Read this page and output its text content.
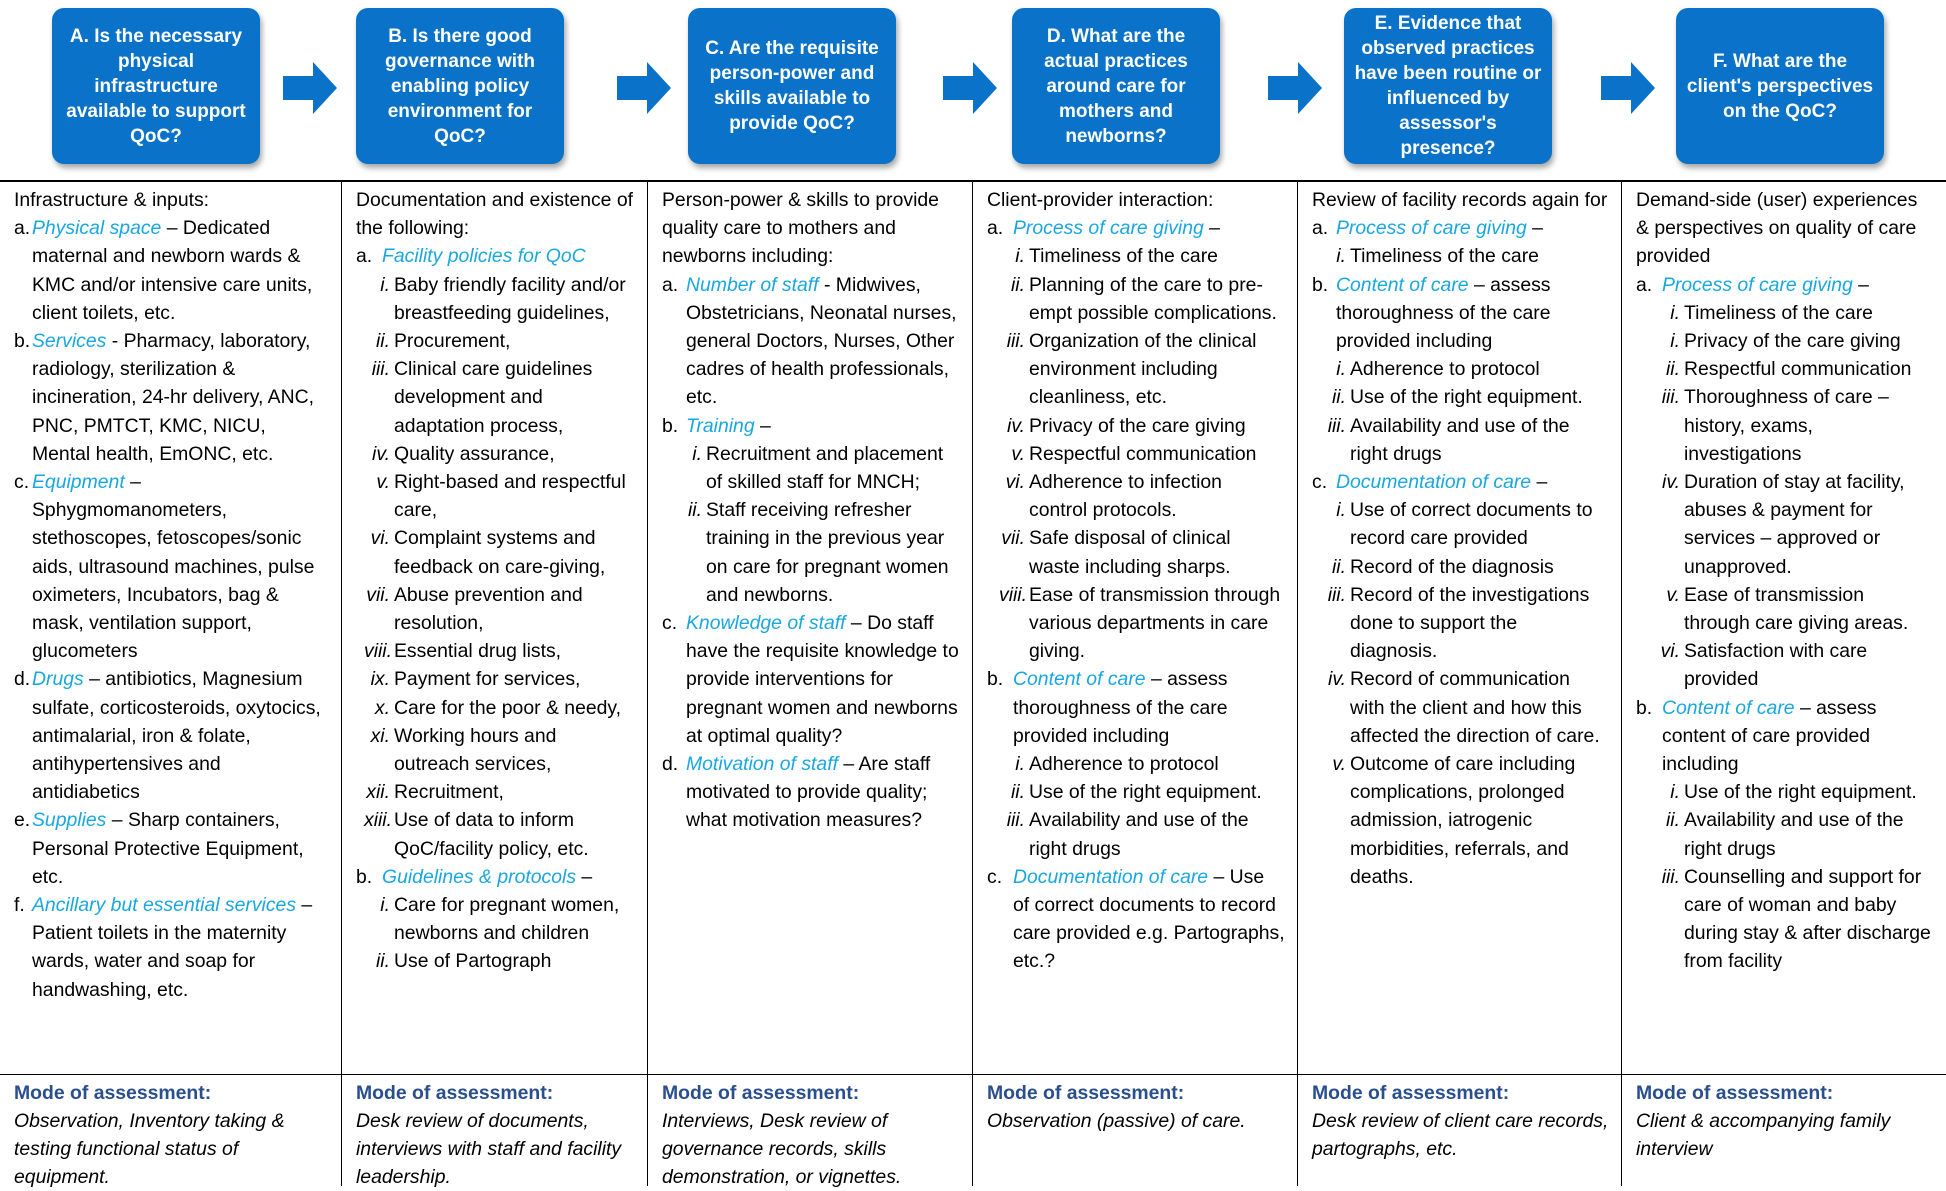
A. Is the necessary physical infrastructure available to support QoC?
B. Is there good governance with enabling policy environment for QoC?
C. Are the requisite person-power and skills available to provide QoC?
D. What are the actual practices around care for mothers and newborns?
E. Evidence that observed practices have been routine or influenced by assessor's presence?
F. What are the client's perspectives on the QoC?
Infrastructure & inputs:
a. Physical space – Dedicated maternal and newborn wards & KMC and/or intensive care units, client toilets, etc.
b. Services - Pharmacy, laboratory, radiology, sterilization & incineration, 24-hr delivery, ANC, PNC, PMTCT, KMC, NICU, Mental health, EmONC, etc.
c. Equipment – Sphygmomanometers, stethoscopes, fetoscopes/sonic aids, ultrasound machines, pulse oximeters, Incubators, bag & mask, ventilation support, glucometers
d. Drugs – antibiotics, Magnesium sulfate, corticosteroids, oxytocics, antimalarial, iron & folate, antihypertensives and antidiabetics
e. Supplies – Sharp containers, Personal Protective Equipment, etc.
f. Ancillary but essential services – Patient toilets in the maternity wards, water and soap for handwashing, etc.
Mode of assessment:
Observation, Inventory taking & testing functional status of equipment.
Documentation and existence of the following:
a. Facility policies for QoC
i. Baby friendly facility and/or breastfeeding guidelines,
ii. Procurement,
iii. Clinical care guidelines development and adaptation process,
iv. Quality assurance,
v. Right-based and respectful care,
vi. Complaint systems and feedback on care-giving,
vii. Abuse prevention and resolution,
viii. Essential drug lists,
ix. Payment for services,
x. Care for the poor & needy,
xi. Working hours and outreach services,
xii. Recruitment,
xiii. Use of data to inform QoC/facility policy, etc.
b. Guidelines & protocols –
i. Care for pregnant women, newborns and children
ii. Use of Partograph
Mode of assessment:
Desk review of documents, interviews with staff and facility leadership.
Person-power & skills to provide quality care to mothers and newborns including:
a. Number of staff - Midwives, Obstetricians, Neonatal nurses, general Doctors, Nurses, Other cadres of health professionals, etc.
b. Training –
i. Recruitment and placement of skilled staff for MNCH;
ii. Staff receiving refresher training in the previous year on care for pregnant women and newborns.
c. Knowledge of staff – Do staff have the requisite knowledge to provide interventions for pregnant women and newborns at optimal quality?
d. Motivation of staff – Are staff motivated to provide quality; what motivation measures?
Mode of assessment:
Interviews, Desk review of governance records, skills demonstration, or vignettes.
Client-provider interaction:
a. Process of care giving –
i. Timeliness of the care
ii. Planning of the care to pre-empt possible complications.
iii. Organization of the clinical environment including cleanliness, etc.
iv. Privacy of the care giving
v. Respectful communication
vi. Adherence to infection control protocols.
vii. Safe disposal of clinical waste including sharps.
viii. Ease of transmission through various departments in care giving.
b. Content of care – assess thoroughness of the care provided including
i. Adherence to protocol
ii. Use of the right equipment.
iii. Availability and use of the right drugs
c. Documentation of care – Use of correct documents to record care provided e.g. Partographs, etc.?
Mode of assessment:
Observation (passive) of care.
Review of facility records again for
a. Process of care giving –
i. Timeliness of the care
b. Content of care – assess thoroughness of the care provided including
i. Adherence to protocol
ii. Use of the right equipment.
iii. Availability and use of the right drugs
c. Documentation of care –
i. Use of correct documents to record care provided
ii. Record of the diagnosis
iii. Record of the investigations done to support the diagnosis.
iv. Record of communication with the client and how this affected the direction of care.
v. Outcome of care including complications, prolonged admission, iatrogenic morbidities, referrals, and deaths.
Mode of assessment:
Desk review of client care records, partographs, etc.
Demand-side (user) experiences & perspectives on quality of care provided
a. Process of care giving –
i. Timeliness of the care
i. Privacy of the care giving
ii. Respectful communication
iii. Thoroughness of care – history, exams, investigations
iv. Duration of stay at facility, abuses & payment for services – approved or unapproved.
v. Ease of transmission through care giving areas.
vi. Satisfaction with care provided
b. Content of care – assess content of care provided including
i. Use of the right equipment.
ii. Availability and use of the right drugs
iii. Counselling and support for care of woman and baby during stay & after discharge from facility
Mode of assessment:
Client & accompanying family interview
